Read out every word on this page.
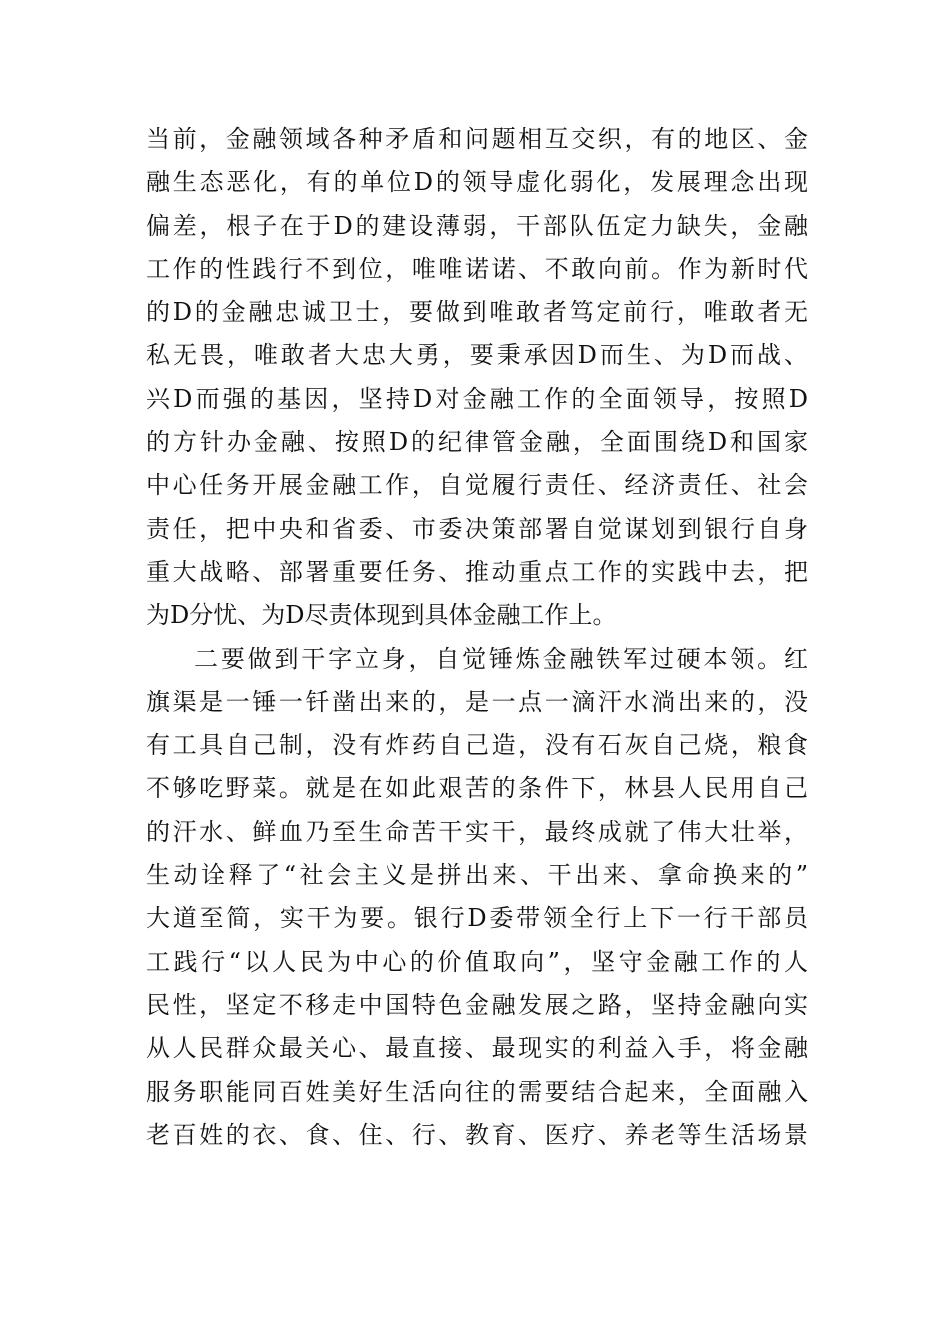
当前，金融领域各种矛盾和问题相互交织，有的地区、金
融生态恶化，有的单位D的领导虚化弱化，发展理念出现
偏差，根子在于D的建设薄弱，干部队伍定力缺失，金融
工作的性践行不到位，唯唯诺诺、不敢向前。作为新时代
的D的金融忠诚卫士，要做到唯敢者笃定前行，唯敢者无
私无畏，唯敢者大忠大勇，要秉承因D而生、为D而战、
兴D而强的基因，坚持D对金融工作的全面领导，按照D
的方针办金融、按照D的纪律管金融，全面围绕D和国家
中心任务开展金融工作，自觉履行责任、经济责任、社会
责任，把中央和省委、市委决策部署自觉谋划到银行自身
重大战略、部署重要任务、推动重点工作的实践中去，把
为D分忧、为D尽责体现到具体金融工作上。
二要做到干字立身，自觉锤炼金融铁军过硬本领。红
旗渠是一锤一钎凿出来的，是一点一滴汗水淌出来的，没
有工具自己制，没有炸药自己造，没有石灰自己烧，粮食
不够吃野菜。就是在如此艰苦的条件下，林县人民用自己
的汗水、鲜血乃至生命苦干实干，最终成就了伟大壮举，
生动诠释了“社会主义是拼出来、干出来、拿命换来的”
大道至简，实干为要。银行D委带领全行上下一行干部员
工践行“以人民为中心的价值取向”，坚守金融工作的人
民性，坚定不移走中国特色金融发展之路，坚持金融向实
从人民群众最关心、最直接、最现实的利益入手，将金融
服务职能同百姓美好生活向往的需要结合起来，全面融入
老百姓的衣、食、住、行、教育、医疗、养老等生活场景
